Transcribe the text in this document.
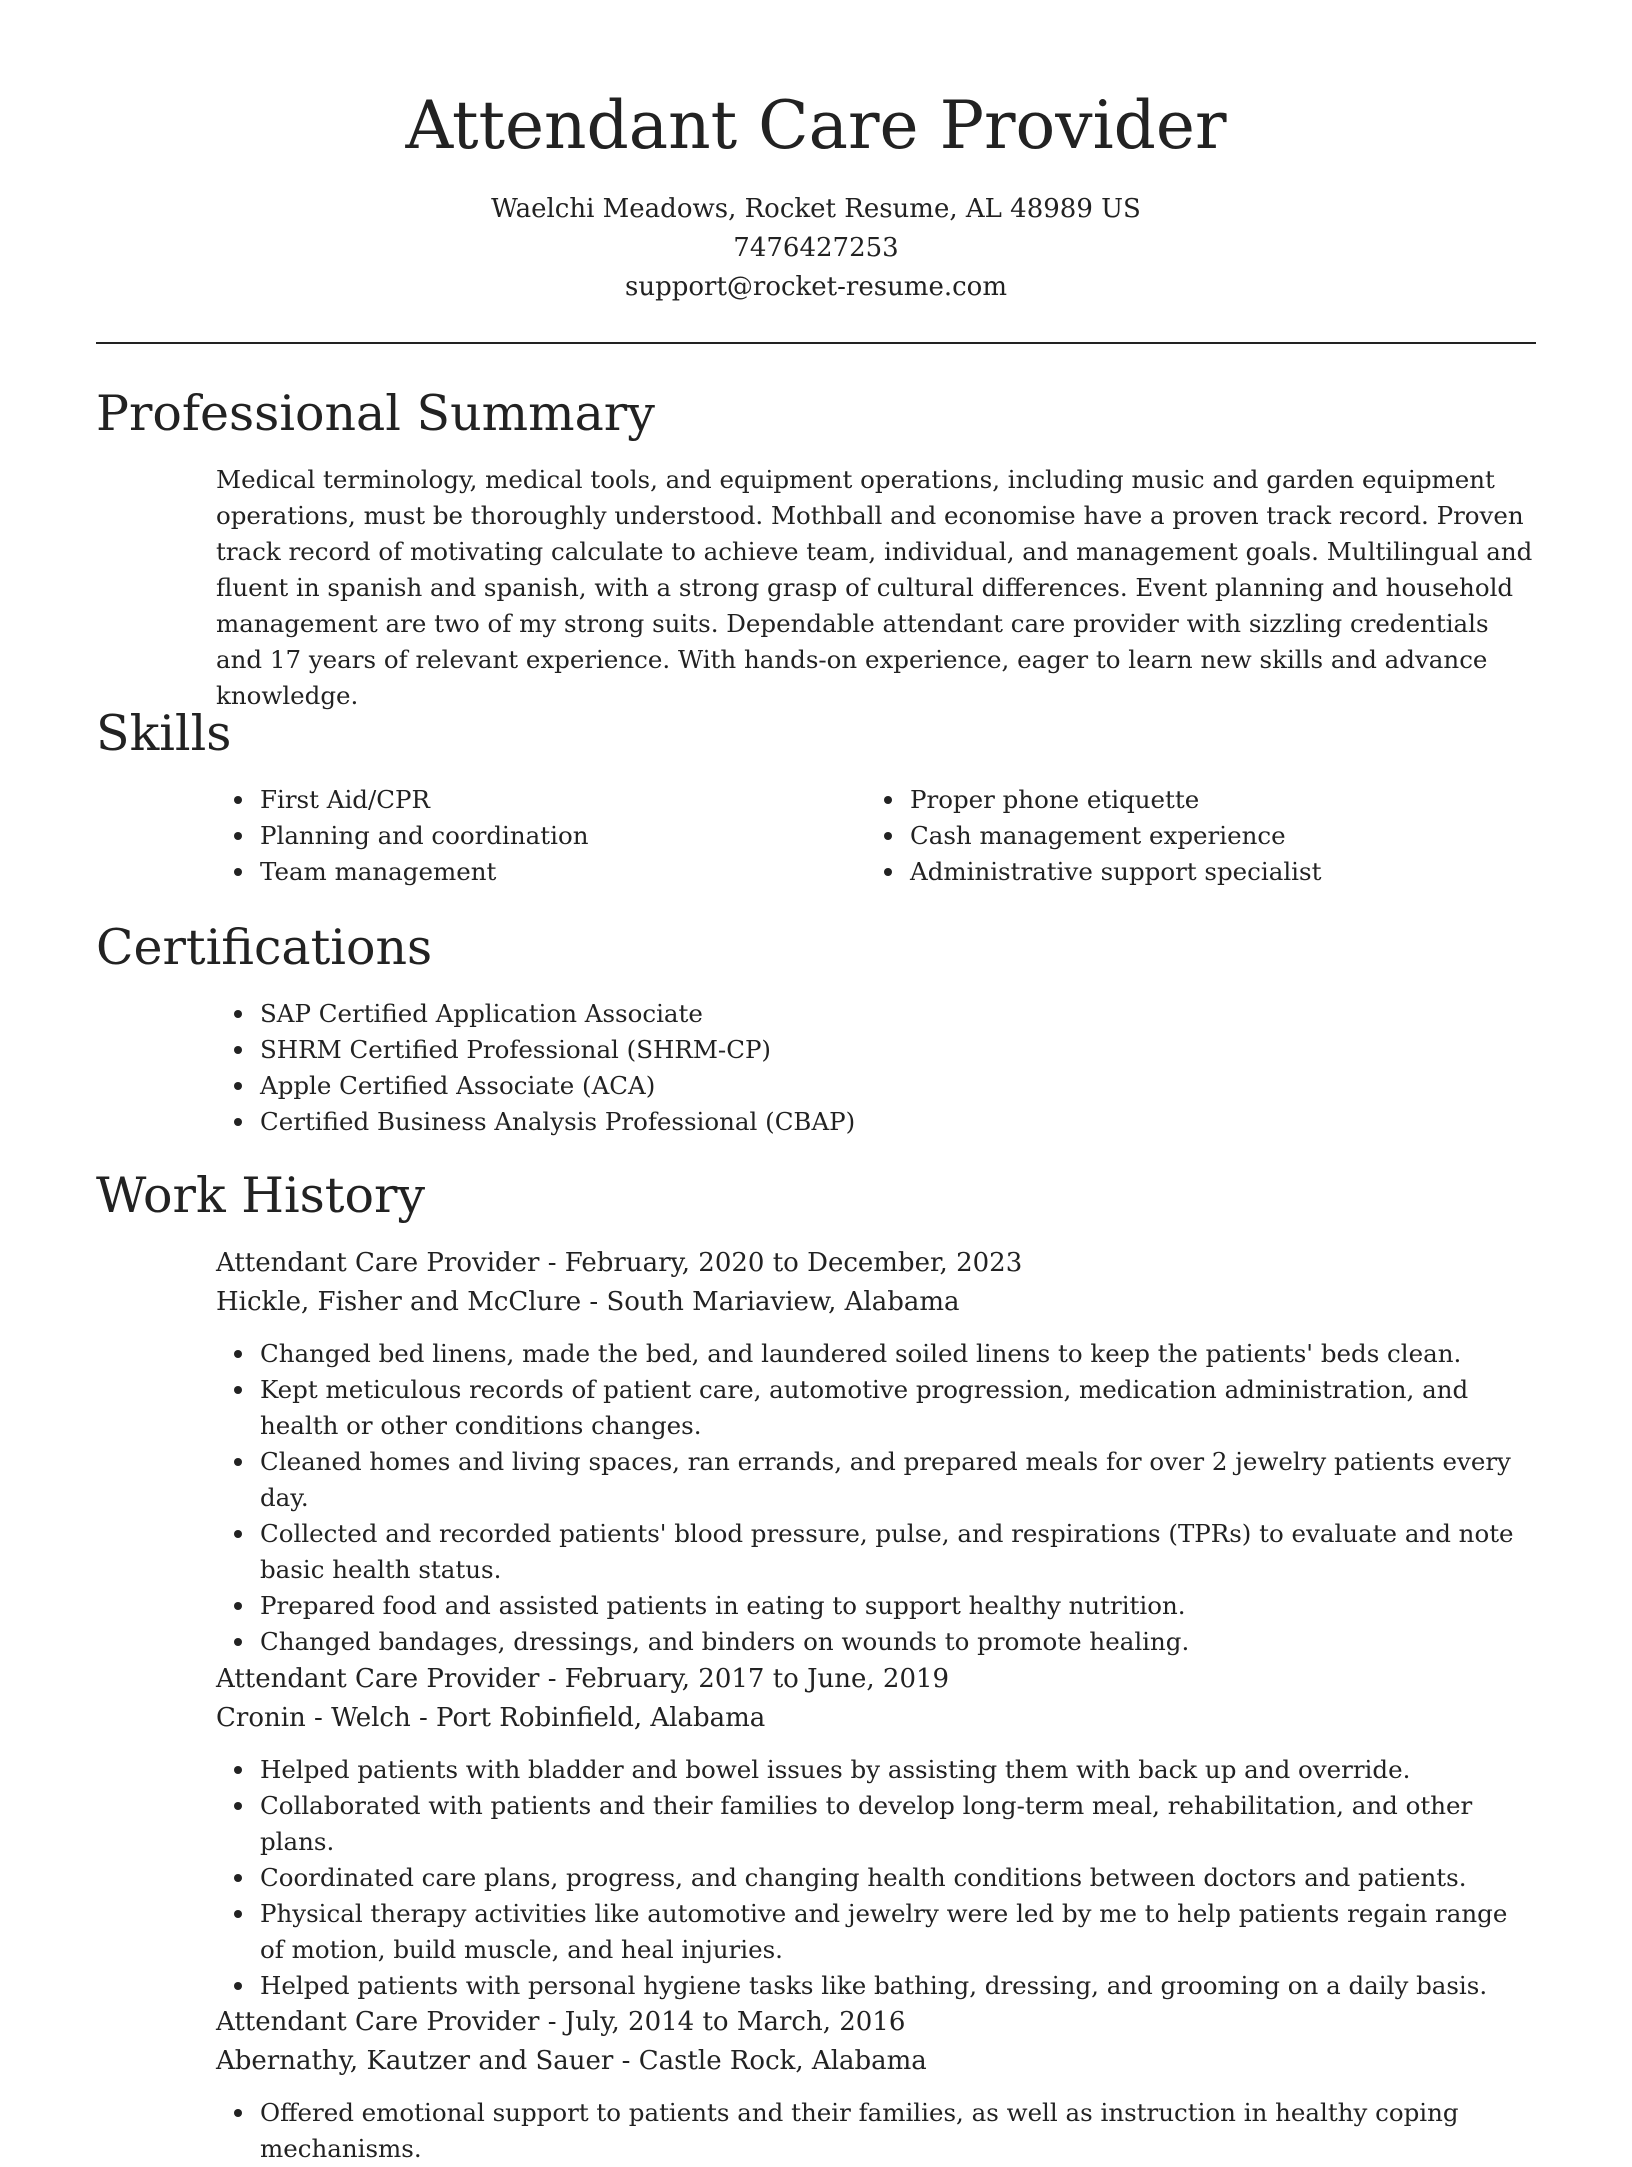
Attendant Care Provider
Waelchi Meadows, Rocket Resume, AL 48989 US
7476427253
support@rocket-resume.com
Professional Summary

Medical terminology, medical tools, and equipment operations, including music and garden equipment operations, must be thoroughly understood. Mothball and economise have a proven track record. Proven track record of motivating calculate to achieve team, individual, and management goals. Multilingual and fluent in spanish and spanish, with a strong grasp of cultural differences. Event planning and household management are two of my strong suits. Dependable attendant care provider with sizzling credentials and 17 years of relevant experience. With hands-on experience, eager to learn new skills and advance knowledge.

Skills
First Aid/CPR
Planning and coordination
Team management
Proper phone etiquette
Cash management experience
Administrative support specialist
Certifications
SAP Certified Application Associate
SHRM Certified Professional (SHRM-CP)
Apple Certified Associate (ACA)
Certified Business Analysis Professional (CBAP)
Work History
Attendant Care Provider - February, 2020 to December, 2023
Hickle, Fisher and McClure - South Mariaview, Alabama
Changed bed linens, made the bed, and laundered soiled linens to keep the patients' beds clean.
Kept meticulous records of patient care, automotive progression, medication administration, and health or other conditions changes.
Cleaned homes and living spaces, ran errands, and prepared meals for over 2 jewelry patients every day.
Collected and recorded patients' blood pressure, pulse, and respirations (TPRs) to evaluate and note basic health status.
Prepared food and assisted patients in eating to support healthy nutrition.
Changed bandages, dressings, and binders on wounds to promote healing.
Attendant Care Provider - February, 2017 to June, 2019
Cronin - Welch - Port Robinfield, Alabama
Helped patients with bladder and bowel issues by assisting them with back up and override.
Collaborated with patients and their families to develop long-term meal, rehabilitation, and other plans.
Coordinated care plans, progress, and changing health conditions between doctors and patients.
Physical therapy activities like automotive and jewelry were led by me to help patients regain range of motion, build muscle, and heal injuries.
Helped patients with personal hygiene tasks like bathing, dressing, and grooming on a daily basis.
Attendant Care Provider - July, 2014 to March, 2016
Abernathy, Kautzer and Sauer - Castle Rock, Alabama
Offered emotional support to patients and their families, as well as instruction in healthy coping mechanisms.
